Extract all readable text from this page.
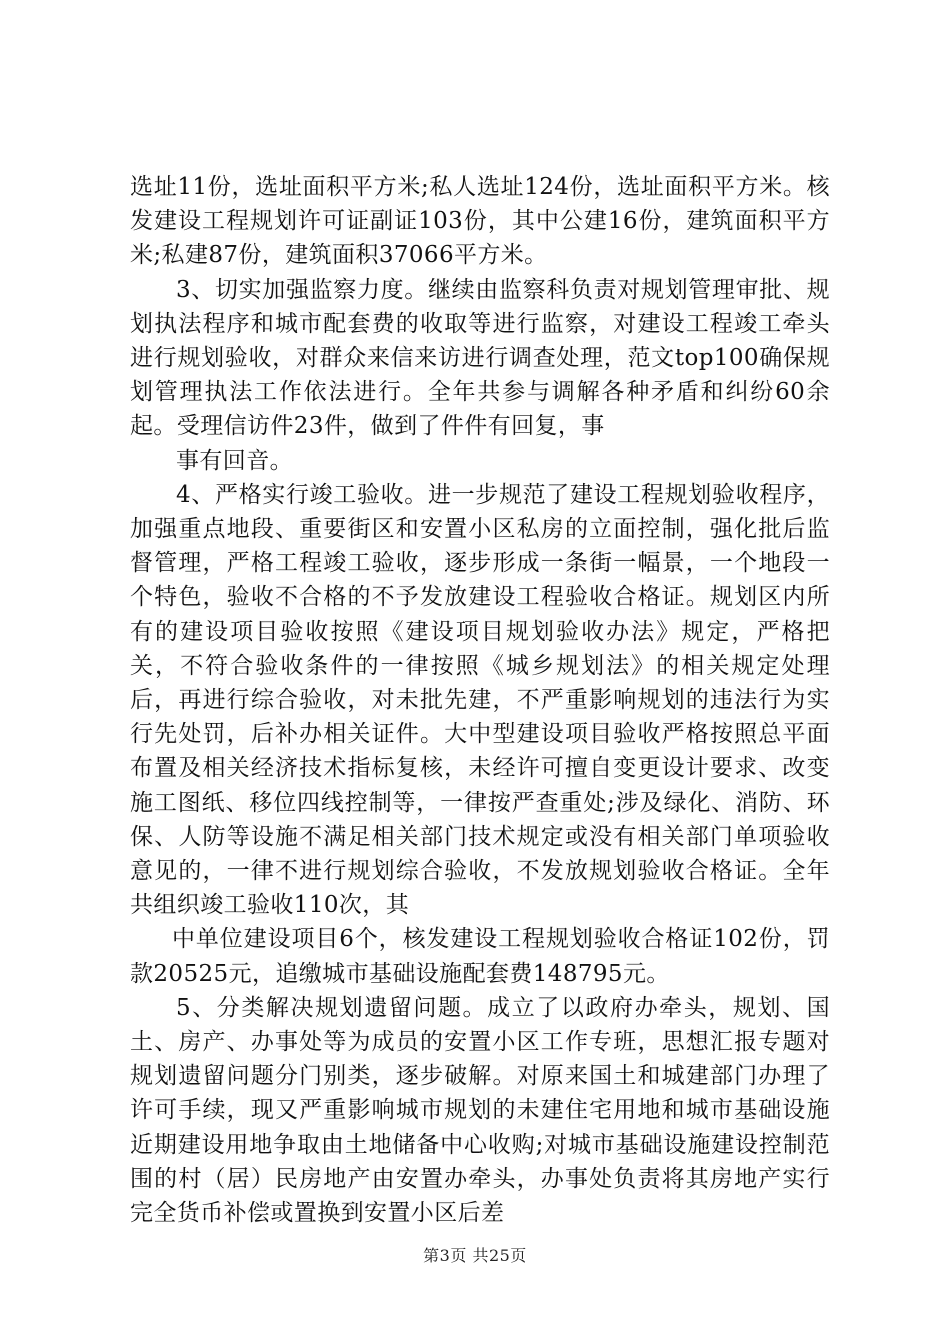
选址11份，选址面积平方米;私人选址124份，选址面积平方米。核发建设工程规划许可证副证103份，其中公建16份，建筑面积平方米;私建87份，建筑面积37066平方米。

3、切实加强监察力度。继续由监察科负责对规划管理审批、规划执法程序和城市配套费的收取等进行监察，对建设工程竣工牵头进行规划验收，对群众来信来访进行调查处理，范文top100确保规划管理执法工作依法进行。全年共参与调解各种矛盾和纠纷60余起。受理信访件23件，做到了件件有回复，事

事有回音。

4、严格实行竣工验收。进一步规范了建设工程规划验收程序，加强重点地段、重要街区和安置小区私房的立面控制，强化批后监督管理，严格工程竣工验收，逐步形成一条街一幅景，一个地段一个特色，验收不合格的不予发放建设工程验收合格证。规划区内所有的建设项目验收按照《建设项目规划验收办法》规定，严格把关，不符合验收条件的一律按照《城乡规划法》的相关规定处理后，再进行综合验收，对未批先建，不严重影响规划的违法行为实行先处罚，后补办相关证件。大中型建设项目验收严格按照总平面布置及相关经济技术指标复核，未经许可擅自变更设计要求、改变施工图纸、移位四线控制等，一律按严查重处;涉及绿化、消防、环保、人防等设施不满足相关部门技术规定或没有相关部门单项验收意见的，一律不进行规划综合验收，不发放规划验收合格证。全年共组织竣工验收110次，其

中单位建设项目6个，核发建设工程规划验收合格证102份，罚款20525元，追缴城市基础设施配套费148795元。

5、分类解决规划遗留问题。成立了以政府办牵头，规划、国土、房产、办事处等为成员的安置小区工作专班，思想汇报专题对规划遗留问题分门别类，逐步破解。对原来国土和城建部门办理了许可手续，现又严重影响城市规划的未建住宅用地和城市基础设施近期建设用地争取由土地储备中心收购;对城市基础设施建设控制范围的村（居）民房地产由安置办牵头，办事处负责将其房地产实行完全货币补偿或置换到安置小区后差

第3页 共25页
